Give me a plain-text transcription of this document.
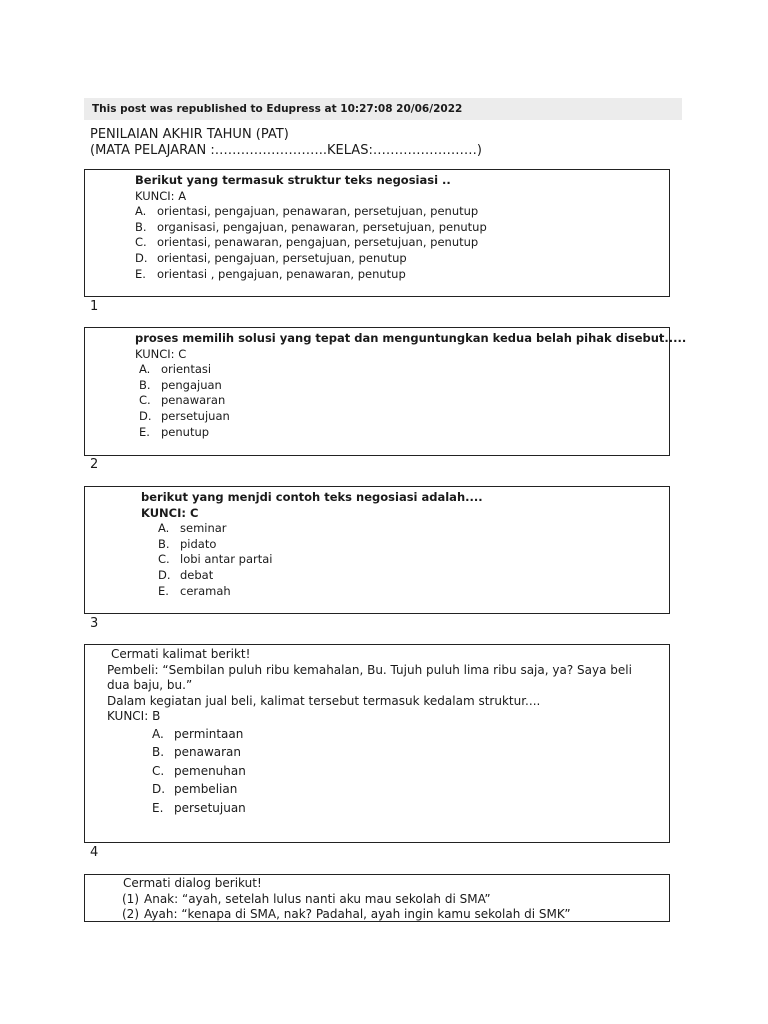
This post was republished to Edupress at 10:27:08 20/06/2022
PENILAIAN AKHIR TAHUN (PAT)
(MATA PELAJARAN :……………………..KELAS:……………………)
Berikut yang termasuk struktur teks negosiasi ..
KUNCI: A
A. orientasi, pengajuan, penawaran, persetujuan, penutup
B. organisasi, pengajuan, penawaran, persetujuan, penutup
C. orientasi, penawaran, pengajuan, persetujuan, penutup
D. orientasi, pengajuan, persetujuan, penutup
E. orientasi , pengajuan, penawaran, penutup
1
proses memilih solusi yang tepat dan menguntungkan kedua belah pihak disebut.....
KUNCI: C
A. orientasi
B. pengajuan
C. penawaran
D. persetujuan
E. penutup
2
berikut yang menjdi contoh teks negosiasi adalah....
KUNCI: C
A. seminar
B. pidato
C. lobi antar partai
D. debat
E. ceramah
3
Cermati kalimat berikt!
Pembeli: “Sembilan puluh ribu kemahalan, Bu. Tujuh puluh lima ribu saja, ya? Saya beli dua baju, bu.”
Dalam kegiatan jual beli, kalimat tersebut termasuk kedalam struktur....
KUNCI: B
A. permintaan
B. penawaran
C. pemenuhan
D. pembelian
E. persetujuan
4
Cermati dialog berikut!
(1) Anak: “ayah, setelah lulus nanti aku mau sekolah di SMA”
(2) Ayah: “kenapa di SMA, nak? Padahal, ayah ingin kamu sekolah di SMK”
